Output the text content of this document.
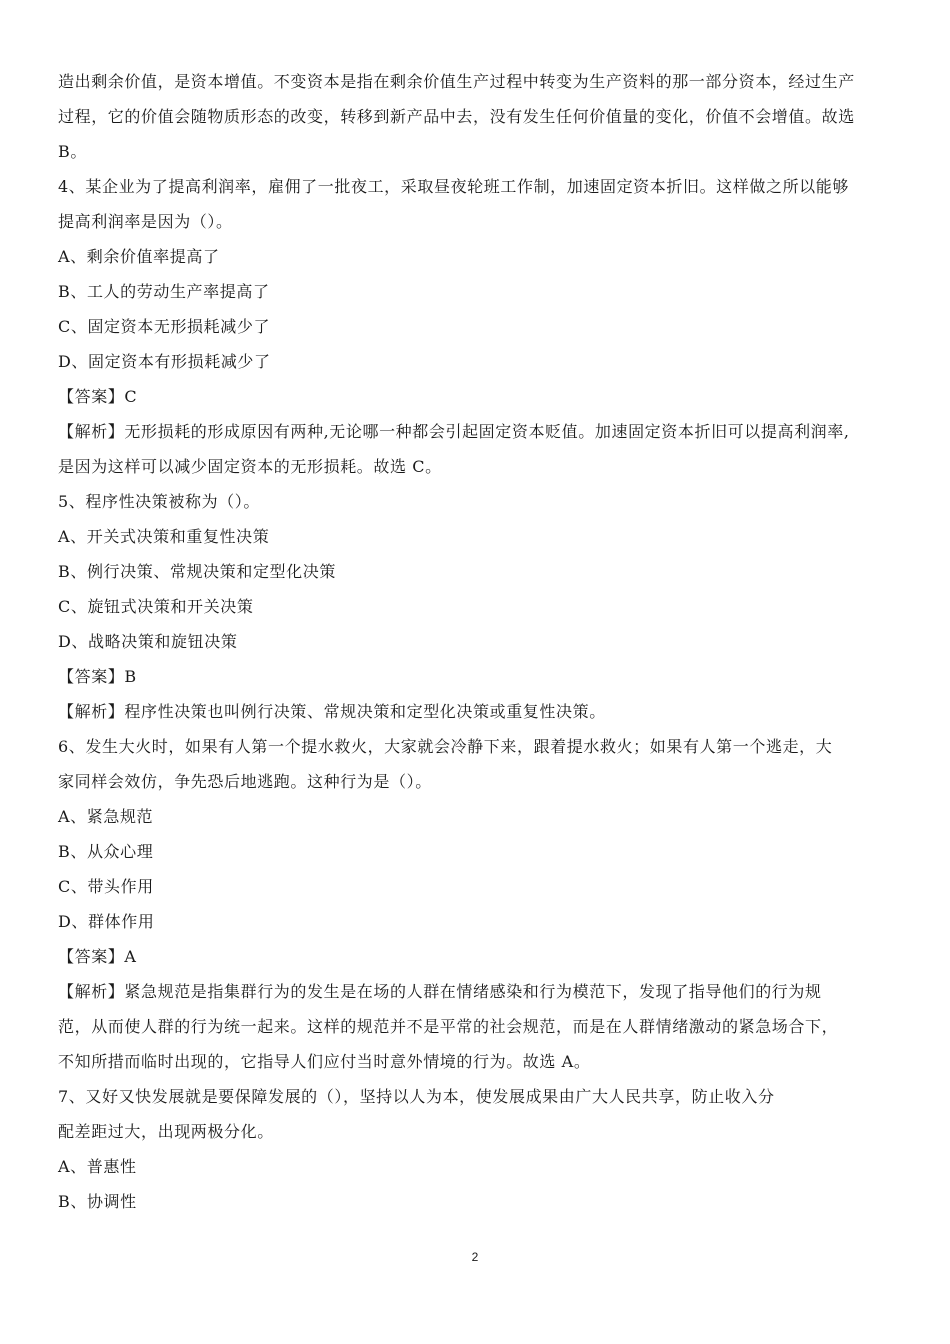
造出剩余价值，是资本增值。不变资本是指在剩余价值生产过程中转变为生产资料的那一部分资本，经过生产
过程，它的价值会随物质形态的改变，转移到新产品中去，没有发生任何价值量的变化，价值不会增值。故选
B。
4、某企业为了提高利润率，雇佣了一批夜工，采取昼夜轮班工作制，加速固定资本折旧。这样做之所以能够
提高利润率是因为（）。
A、剩余价值率提高了
B、工人的劳动生产率提高了
C、固定资本无形损耗减少了
D、固定资本有形损耗减少了
【答案】C
【解析】无形损耗的形成原因有两种,无论哪一种都会引起固定资本贬值。加速固定资本折旧可以提高利润率,
是因为这样可以减少固定资本的无形损耗。故选 C。
5、程序性决策被称为（）。
A、开关式决策和重复性决策
B、例行决策、常规决策和定型化决策
C、旋钮式决策和开关决策
D、战略决策和旋钮决策
【答案】B
【解析】程序性决策也叫例行决策、常规决策和定型化决策或重复性决策。
6、发生大火时，如果有人第一个提水救火，大家就会冷静下来，跟着提水救火；如果有人第一个逃走，大
家同样会效仿，争先恐后地逃跑。这种行为是（）。
A、紧急规范
B、从众心理
C、带头作用
D、群体作用
【答案】A
【解析】紧急规范是指集群行为的发生是在场的人群在情绪感染和行为模范下，发现了指导他们的行为规
范，从而使人群的行为统一起来。这样的规范并不是平常的社会规范，而是在人群情绪激动的紧急场合下，
不知所措而临时出现的，它指导人们应付当时意外情境的行为。故选 A。
7、又好又快发展就是要保障发展的（），坚持以人为本，使发展成果由广大人民共享，防止收入分
配差距过大，出现两极分化。
A、普惠性
B、协调性
2
